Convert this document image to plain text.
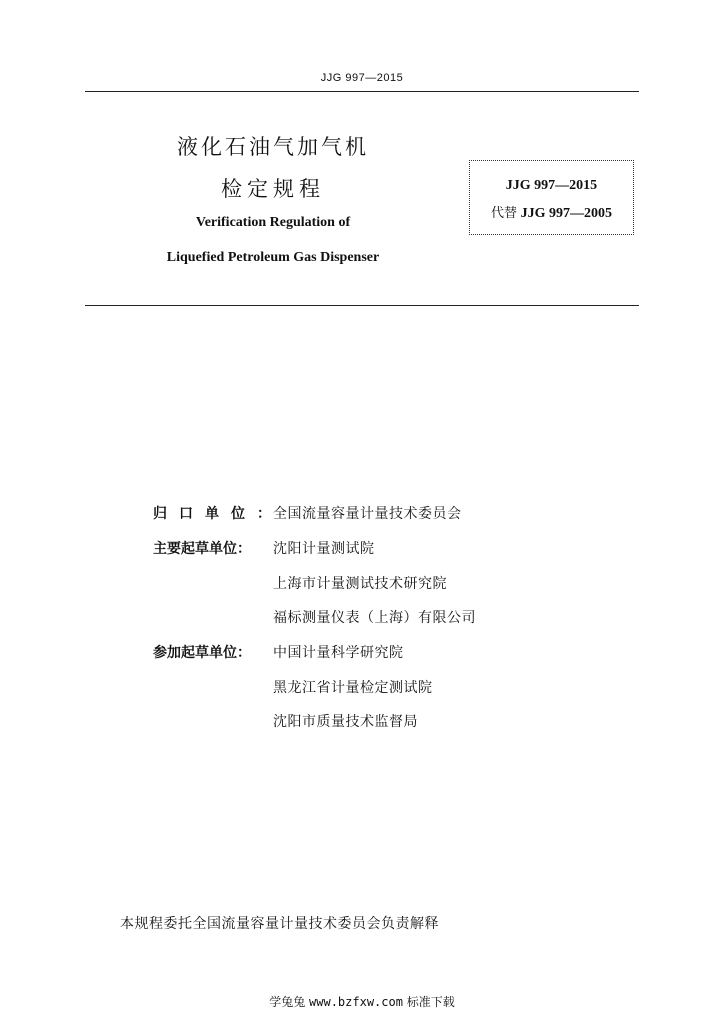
JJG 997—2015
液化石油气加气机
检定规程
Verification Regulation of
Liquefied Petroleum Gas Dispenser
JJG 997—2015
代替 JJG 997—2005
归口单位：
全国流量容量计量技术委员会
主要起草单位：	沈阳计量测试院
上海市计量测试技术研究院
福标测量仪表（上海）有限公司
参加起草单位：	中国计量科学研究院
黑龙江省计量检定测试院
沈阳市质量技术监督局
本规程委托全国流量容量计量技术委员会负责解释
学兔兔 www.bzfxw.com 标准下载
